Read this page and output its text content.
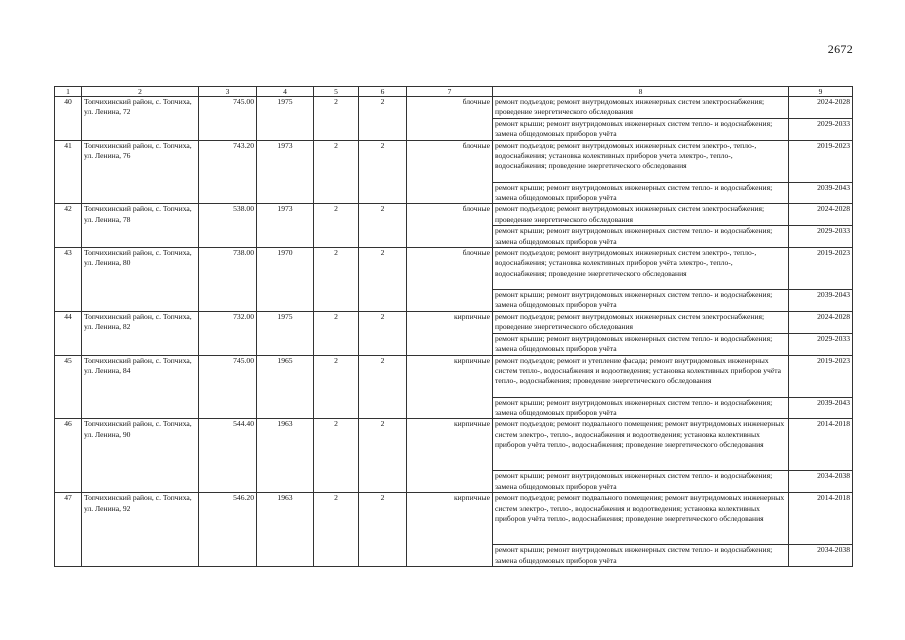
2672
1	2	3	4	5	6	7	8	9
40	Топчихинский район, с. Топчиха, ул. Ленина, 72	745.00	1975	2	2	блочные	ремонт подъездов; ремонт внутридомовых инженерных систем электроснабжения; проведение энергетического обследования	2024-2028
							ремонт крыши; ремонт внутридомовых инженерных систем тепло- и водоснабжения; замена общедомовых приборов учёта	2029-2033
41	Топчихинский район, с. Топчиха, ул. Ленина, 76	743.20	1973	2	2	блочные	ремонт подъездов; ремонт внутридомовых инженерных систем электро-, тепло-, водоснабжения; установка колективных приборов учета электро-, тепло-, водоснабжения; проведение энергетического обследования	2019-2023
							ремонт крыши; ремонт внутридомовых инженерных систем тепло- и водоснабжения; замена общедомовых приборов учёта	2039-2043
42	Топчихинский район, с. Топчиха, ул. Ленина, 78	538.00	1973	2	2	блочные	ремонт подъездов; ремонт внутридомовых инженерных систем электроснабжения; проведение энергетического обследования	2024-2028
							ремонт крыши; ремонт внутридомовых инженерных систем тепло- и водоснабжения; замена общедомовых приборов учёта	2029-2033
43	Топчихинский район, с. Топчиха, ул. Ленина, 80	738.00	1970	2	2	блочные	ремонт подъездов; ремонт внутридомовых инженерных систем электро-, тепло-, водоснабжения; установка колективных приборов учёта электро-, тепло-, водоснабжения; проведение энергетического обследования	2019-2023
							ремонт крыши; ремонт внутридомовых инженерных систем тепло- и водоснабжения; замена общедомовых приборов учёта	2039-2043
44	Топчихинский район, с. Топчиха, ул. Ленина, 82	732.00	1975	2	2	кирпичные	ремонт подъездов; ремонт внутридомовых инженерных систем электроснабжения; проведение энергетического обследования	2024-2028
							ремонт крыши; ремонт внутридомовых инженерных систем тепло- и водоснабжения; замена общедомовых приборов учёта	2029-2033
45	Топчихинский район, с. Топчиха, ул. Ленина, 84	745.00	1965	2	2	кирпичные	ремонт подъездов; ремонт и утепление фасада; ремонт внутридомовых инженерных систем тепло-, водоснабжения и водоотведения; установка колективных приборов учёта тепло-, водоснабжения; проведение энергетического обследования	2019-2023
							ремонт крыши; ремонт внутридомовых инженерных систем тепло- и водоснабжения; замена общедомовых приборов учёта	2039-2043
46	Топчихинский район, с. Топчиха, ул. Ленина, 90	544.40	1963	2	2	кирпичные	ремонт подъездов; ремонт подвального помещения; ремонт внутридомовых инженерных систем электро-, тепло-, водоснабжения и водоотведения; установка колективных приборов учёта тепло-, водоснабжения; проведение энергетического обследования	2014-2018
							ремонт крыши; ремонт внутридомовых инженерных систем тепло- и водоснабжения; замена общедомовых приборов учёта	2034-2038
47	Топчихинский район, с. Топчиха, ул. Ленина, 92	546.20	1963	2	2	кирпичные	ремонт подъездов; ремонт подвального помещения; ремонт внутридомовых инженерных систем электро-, тепло-, водоснабжения и водоотведения; установка колективных приборов учёта тепло-, водоснабжения; проведение энергетического обследования	2014-2018
							ремонт крыши; ремонт внутридомовых инженерных систем тепло- и водоснабжения; замена общедомовых приборов учёта	2034-2038
